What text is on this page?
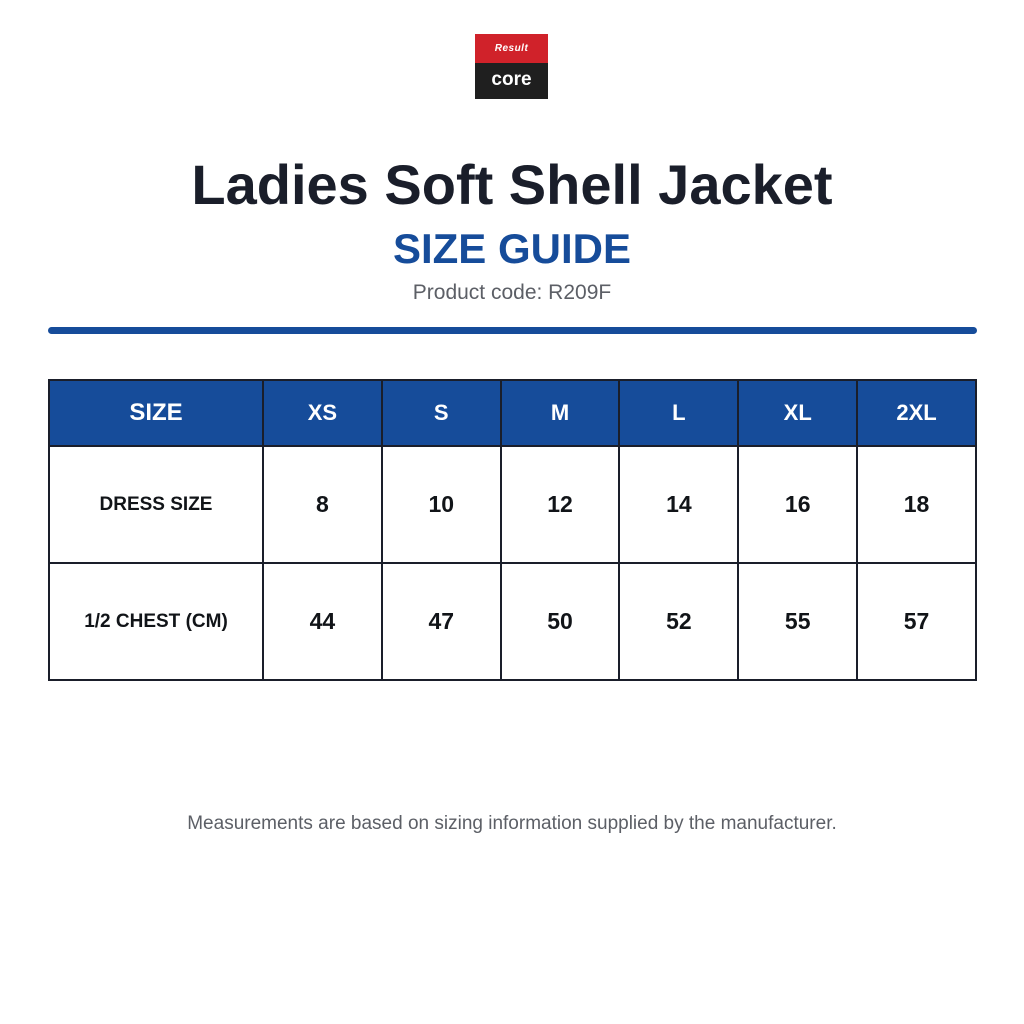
Result
core
Ladies Soft Shell Jacket
SIZE GUIDE
Product code: R209F
SIZE	XS	S	M	L	XL	2XL
DRESS SIZE	8	10	12	14	16	18
1/2 CHEST (CM)	44	47	50	52	55	57
Measurements are based on sizing information supplied by the manufacturer.
